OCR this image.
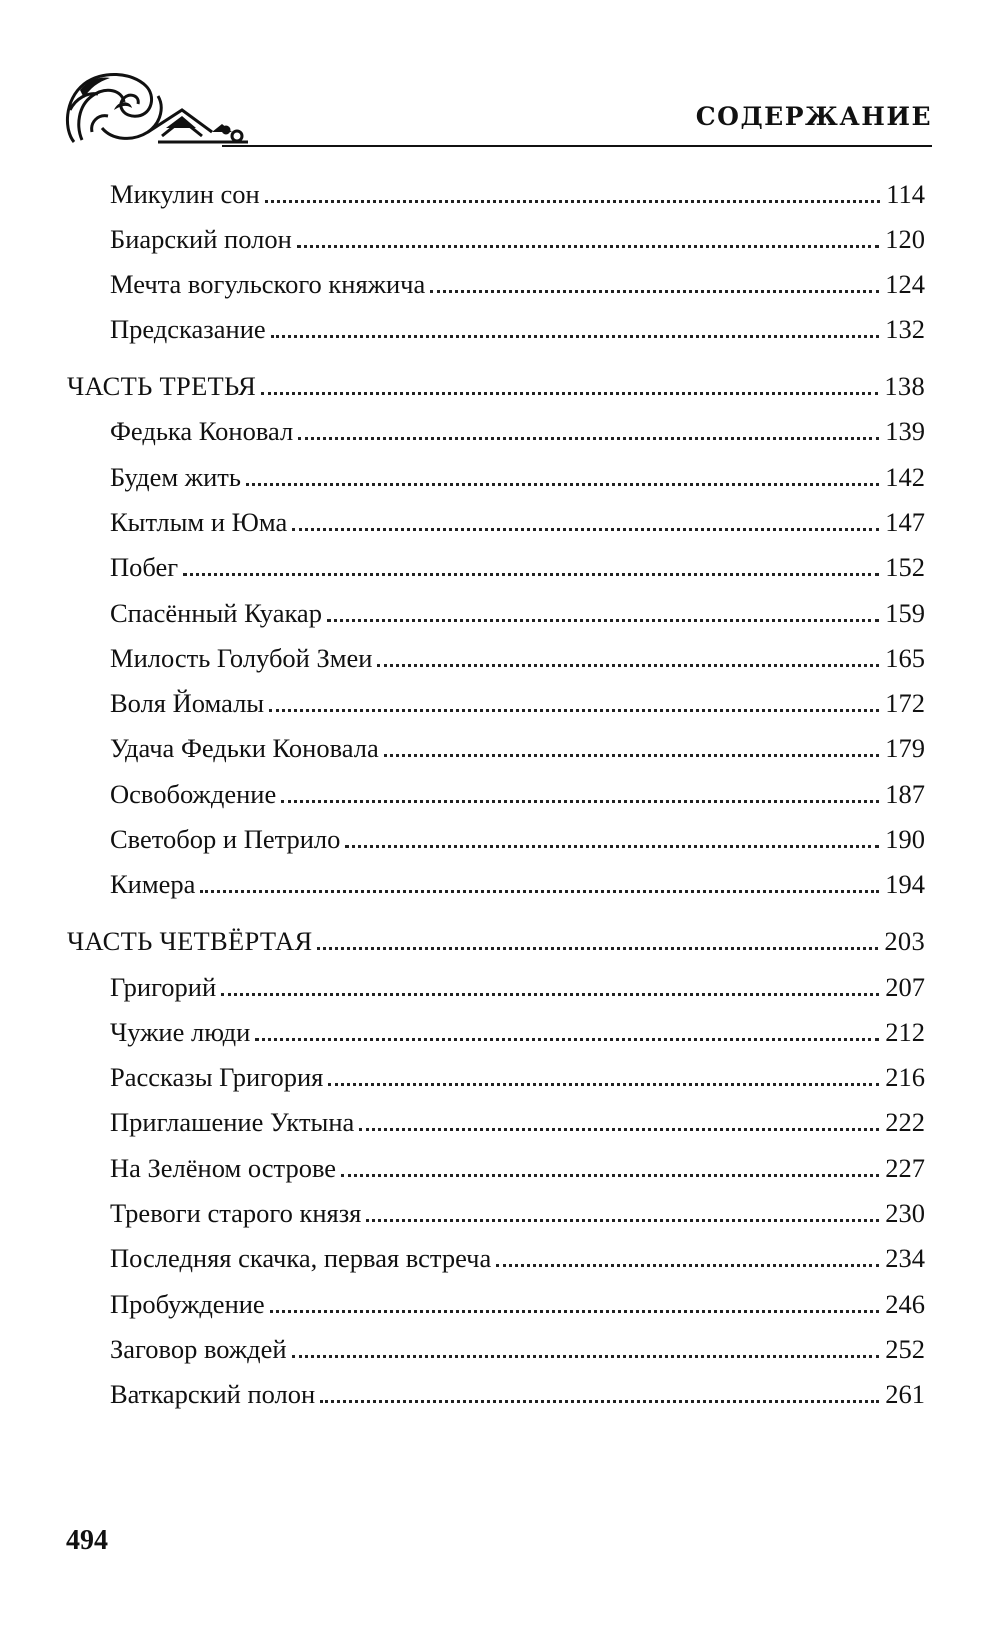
СОДЕРЖАНИЕ
Микулин сон	114
Биарский полон	120
Мечта вогульского княжича	124
Предсказание	132
ЧАСТЬ ТРЕТЬЯ	138
Федька Коновал	139
Будем жить	142
Кытлым и Юма	147
Побег	152
Спасённый Куакар	159
Милость Голубой Змеи	165
Воля Йомалы	172
Удача Федьки Коновала	179
Освобождение	187
Светобор и Петрило	190
Кимера	194
ЧАСТЬ ЧЕТВЁРТАЯ	203
Григорий	207
Чужие люди	212
Рассказы Григория	216
Приглашение Уктына	222
На Зелёном острове	227
Тревоги старого князя	230
Последняя скачка, первая встреча	234
Пробуждение	246
Заговор вождей	252
Ваткарский полон	261
494
